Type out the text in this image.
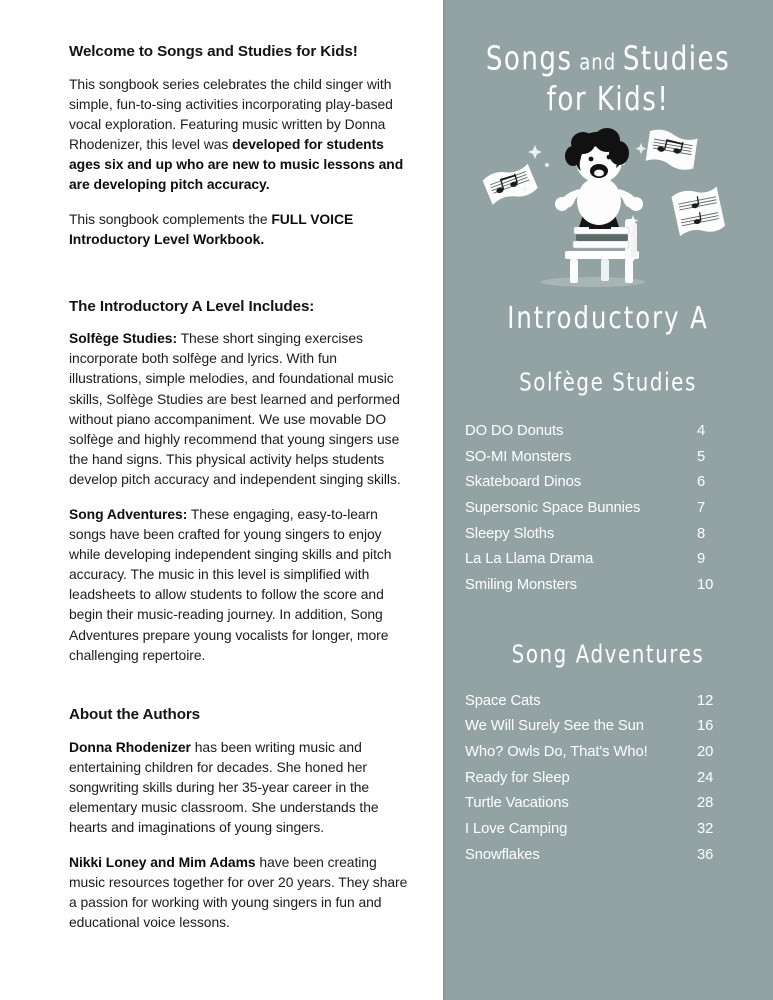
Welcome to Songs and Studies for Kids!

This songbook series celebrates the child singer with simple, fun-to-sing activities incorporating play-based vocal exploration. Featuring music written by Donna Rhodenizer, this level was developed for students ages six and up who are new to music lessons and are developing pitch accuracy.

This songbook complements the FULL VOICE Introductory Level Workbook.

The Introductory A Level Includes:

Solfège Studies: These short singing exercises incorporate both solfège and lyrics. With fun illustrations, simple melodies, and foundational music skills, Solfège Studies are best learned and performed without piano accompaniment. We use movable DO solfège and highly recommend that young singers use the hand signs. This physical activity helps students develop pitch accuracy and independent singing skills.

Song Adventures: These engaging, easy-to-learn songs have been crafted for young singers to enjoy while developing independent singing skills and pitch accuracy. The music in this level is simplified with leadsheets to allow students to follow the score and begin their music-reading journey. In addition, Song Adventures prepare young vocalists for longer, more challenging repertoire.

About the Authors

Donna Rhodenizer has been writing music and entertaining children for decades. She honed her songwriting skills during her 35-year career in the elementary music classroom. She understands the hearts and imaginations of young singers.

Nikki Loney and Mim Adams have been creating music resources together for over 20 years. They share a passion for working with young singers in fun and educational voice lessons.

Songs and Studies
for Kids!
Introductory A
Solfège Studies
DO DO Donuts	4
SO-MI Monsters	5
Skateboard Dinos	6
Supersonic Space Bunnies	7
Sleepy Sloths	8
La La Llama Drama	9
Smiling Monsters	10
Song Adventures
Space Cats	12
We Will Surely See the Sun	16
Who? Owls Do, That's Who!	20
Ready for Sleep	24
Turtle Vacations	28
I Love Camping	32
Snowflakes	36
